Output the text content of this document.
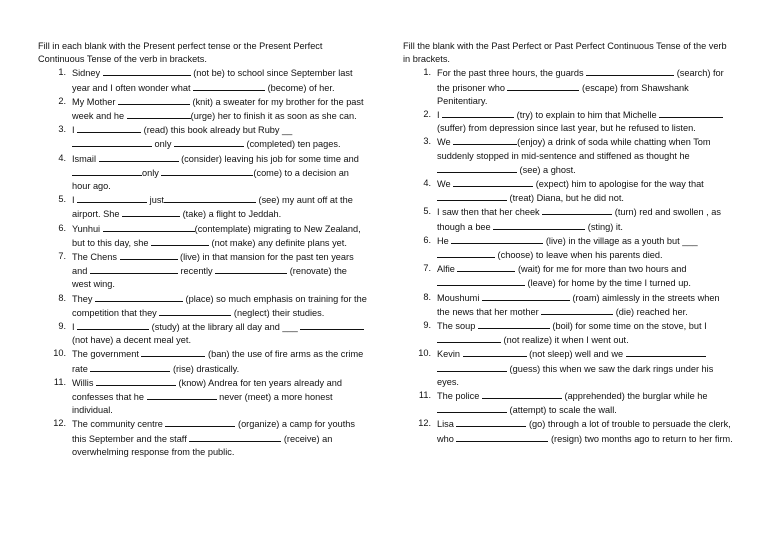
Fill in each blank with the Present perfect tense or the Present Perfect Continuous Tense of the verb in brackets.

1. Sidney	(not be) to school since September last year and I often wonder what	(become) of her.
2. My Mother	(knit) a sweater for my brother for the past week and he	(urge) her to finish it as soon as she can.
3. I	(read) this book already but Ruby __  only	(completed) ten pages.
4. Ismail	(consider) leaving his job for some time and only	(come) to a decision an hour ago.
5. I	just	(see) my aunt off at the airport. She	(take) a flight to Jeddah.
6. Yunhui	(contemplate) migrating to New Zealand, but to this day, she	(not make) any definite plans yet.
7. The Chens	(live) in that mansion for the past ten years and	recently	(renovate) the west wing.
8. They	(place) so much emphasis on training for the competition that they	(neglect) their studies.
9. I	(study) at the library all day and ___  (not have) a decent meal yet.
10. The government	(ban) the use of fire arms as the crime rate	(rise) drastically.
11. Willis	(know) Andrea for ten years already and confesses that he	never (meet) a more honest individual.
12. The community centre	(organize) a camp for youths this September and the staff	(receive) an overwhelming response from the public.

Fill the blank with the Past Perfect or Past Perfect Continuous Tense of the verb in brackets.

1. For the past three hours, the guards	(search) for the prisoner who	(escape) from Shawshank Penitentiary.
2. I	(try) to explain to him that Michelle  (suffer) from depression since last year, but he refused to listen.
3. We	(enjoy) a drink of soda while chatting when Tom suddenly stopped in mid-sentence and stiffened as thought he  (see) a ghost.
4. We	(expect) him to apologise for the way that  (treat) Diana, but he did not.
5. I saw then that her cheek	(turn) red and swollen , as though a bee	(sting) it.
6. He	(live) in the village as a youth but ___  (choose) to leave when his parents died.
7. Alfie	(wait) for me for more than two hours and  (leave) for home by the time I turned up.
8. Moushumi	(roam) aimlessly in the streets when the news that her mother	(die) reached her.
9. The soup	(boil) for some time on the stove, but I  (not realize) it when I went out.
10. Kevin	(not sleep) well and we   (guess) this when we saw the dark rings under his eyes.
11. The police	(apprehended) the burglar while he  (attempt) to scale the wall.
12. Lisa	(go) through a lot of trouble to persuade the clerk, who	(resign) two months ago to return to her firm.
